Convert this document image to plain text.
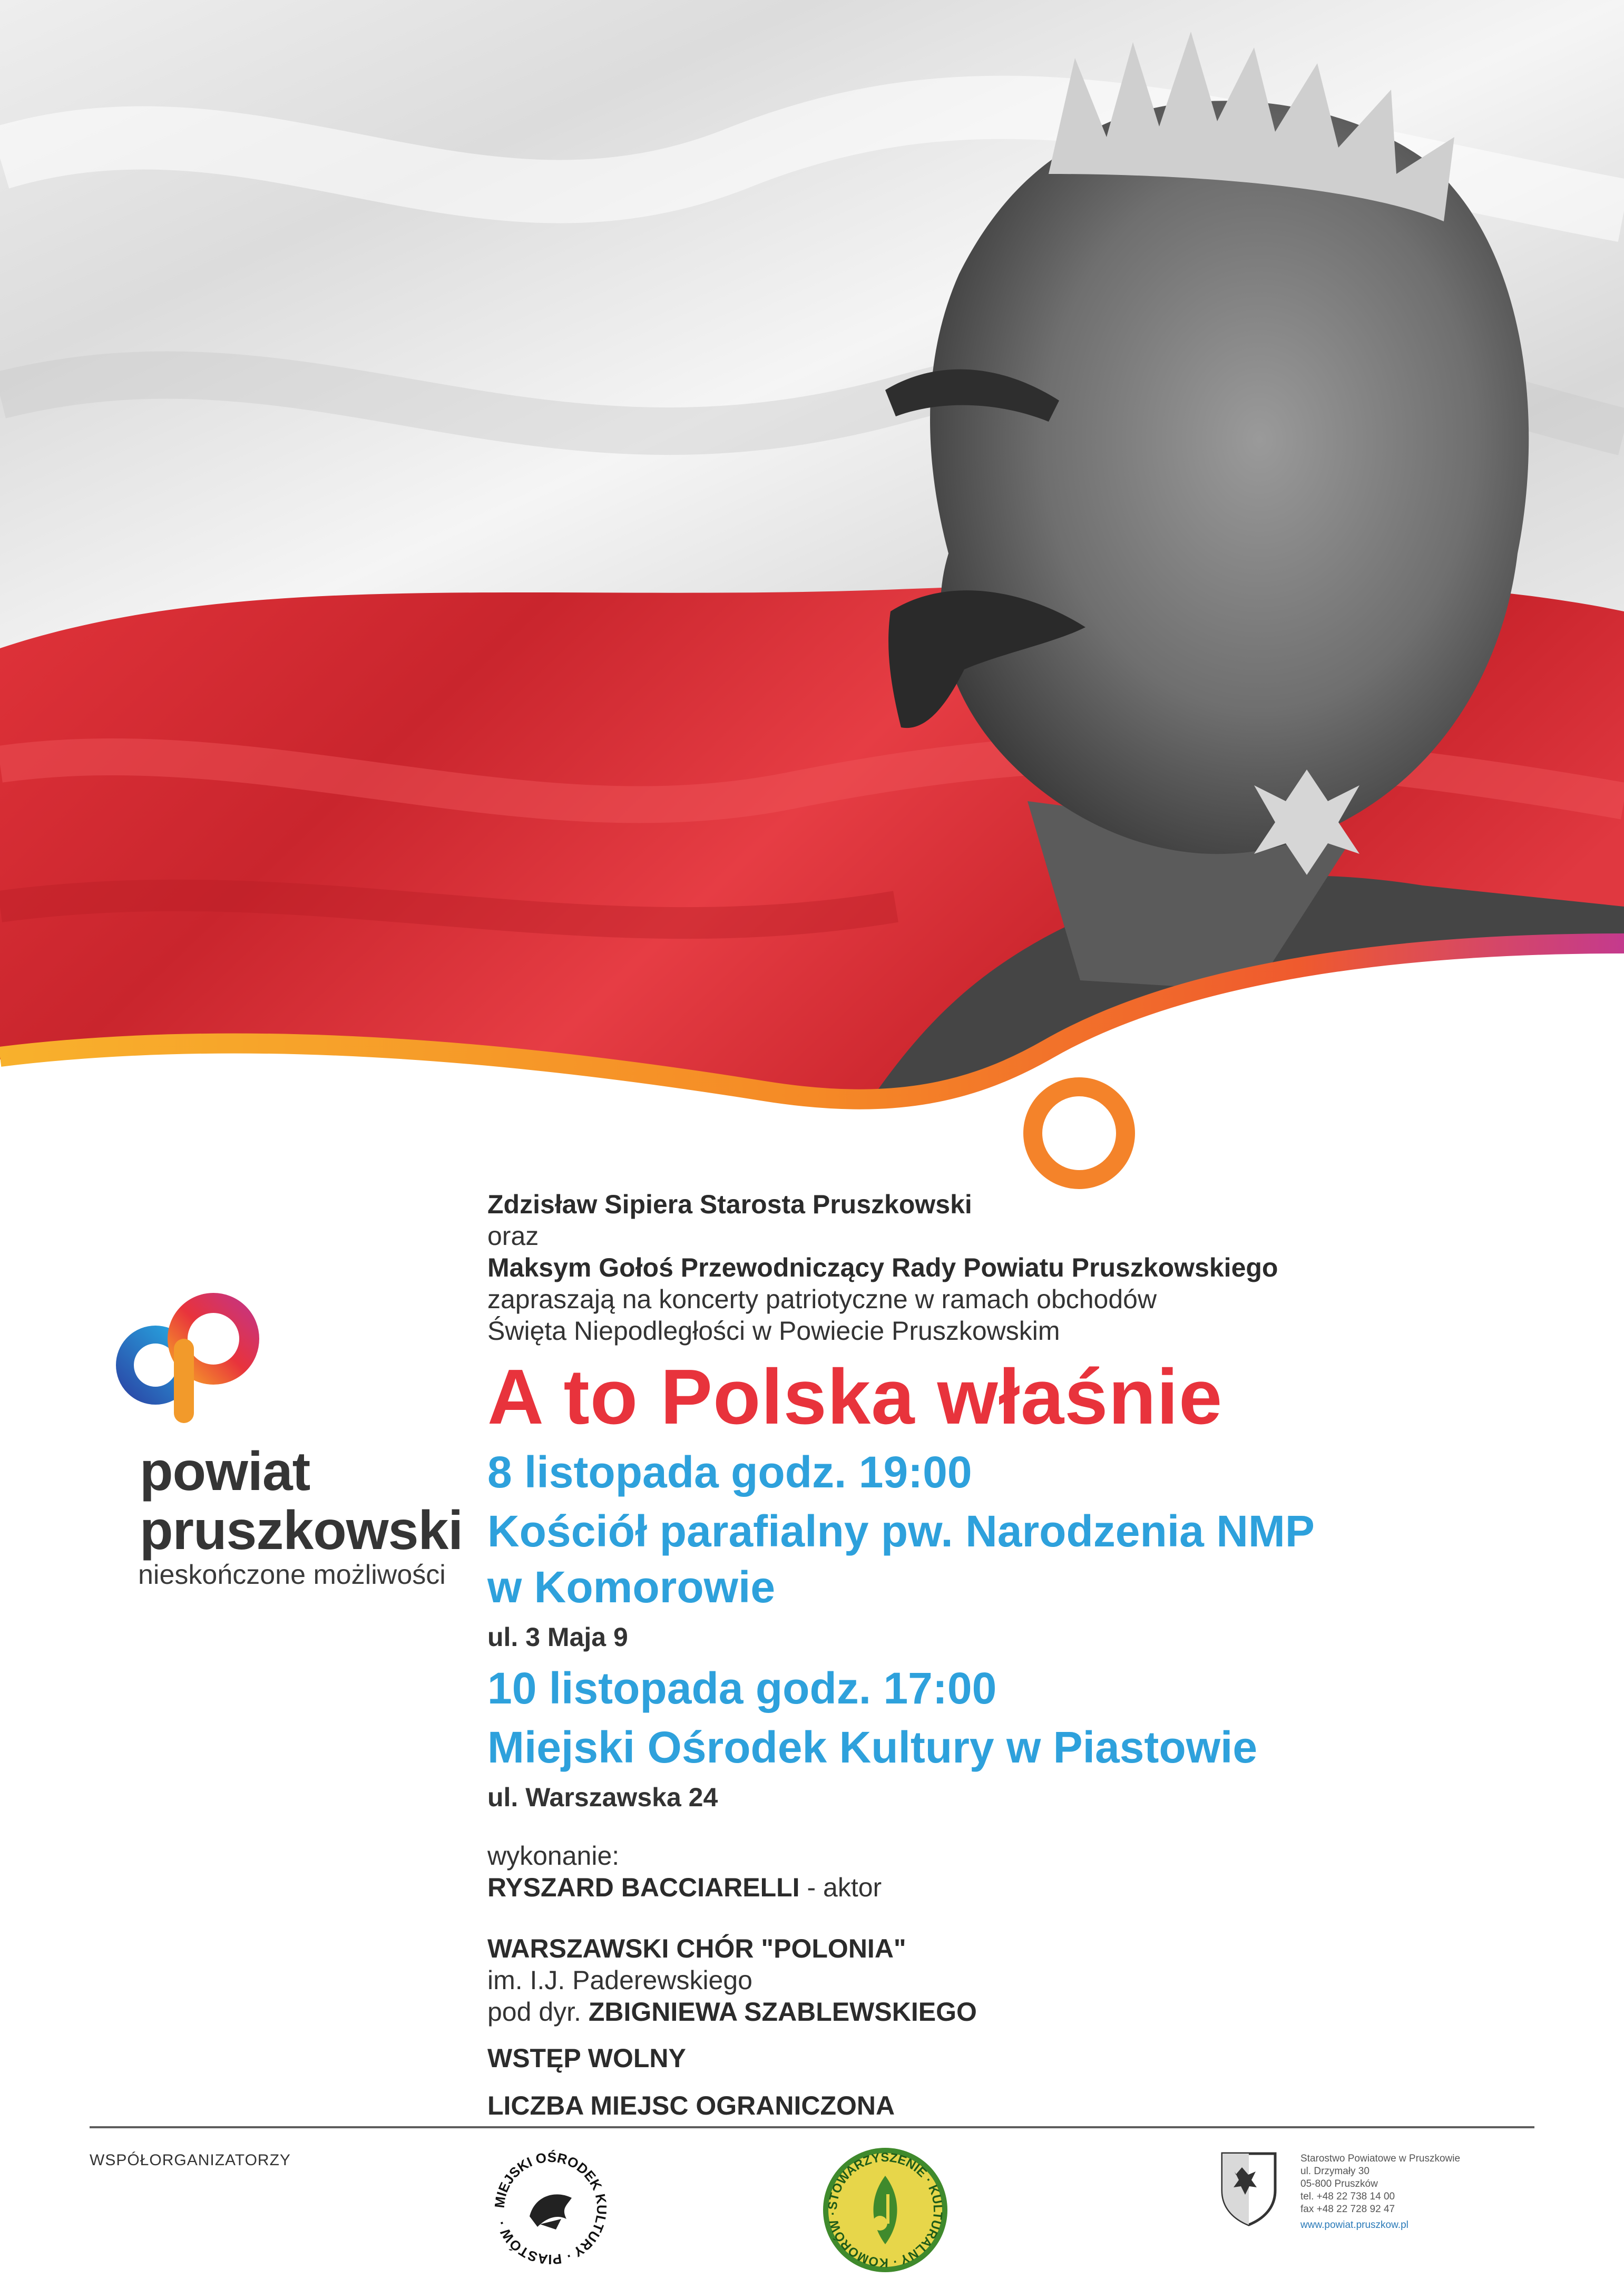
powiat
pruszkowski
nieskończone możliwości
Zdzisław Sipiera Starosta Pruszkowski
oraz
Maksym Gołoś Przewodniczący Rady Powiatu Pruszkowskiego
zapraszają na koncerty patriotyczne w ramach obchodów
Święta Niepodległości w Powiecie Pruszkowskim
A to Polska właśnie
8 listopada godz. 19:00
Kościół parafialny pw. Narodzenia NMP
w Komorowie
ul. 3 Maja 9
10 listopada godz. 17:00
Miejski Ośrodek Kultury w Piastowie
ul. Warszawska 24
wykonanie:
RYSZARD BACCIARELLI - aktor
WARSZAWSKI CHÓR "POLONIA"
im. I.J. Paderewskiego
pod dyr. ZBIGNIEWA SZABLEWSKIEGO
WSTĘP WOLNY
LICZBA MIEJSC OGRANICZONA
WSPÓŁORGANIZATORZY
MIEJSKI OŚRODEK KULTURY · PIASTÓW ·
STOWARZYSZENIE · KULTURALNY · KOMORÓW ·
Starostwo Powiatowe w Pruszkowie
ul. Drzymały 30
05-800 Pruszków
tel. +48 22 738 14 00
fax +48 22 728 92 47
www.powiat.pruszkow.pl
